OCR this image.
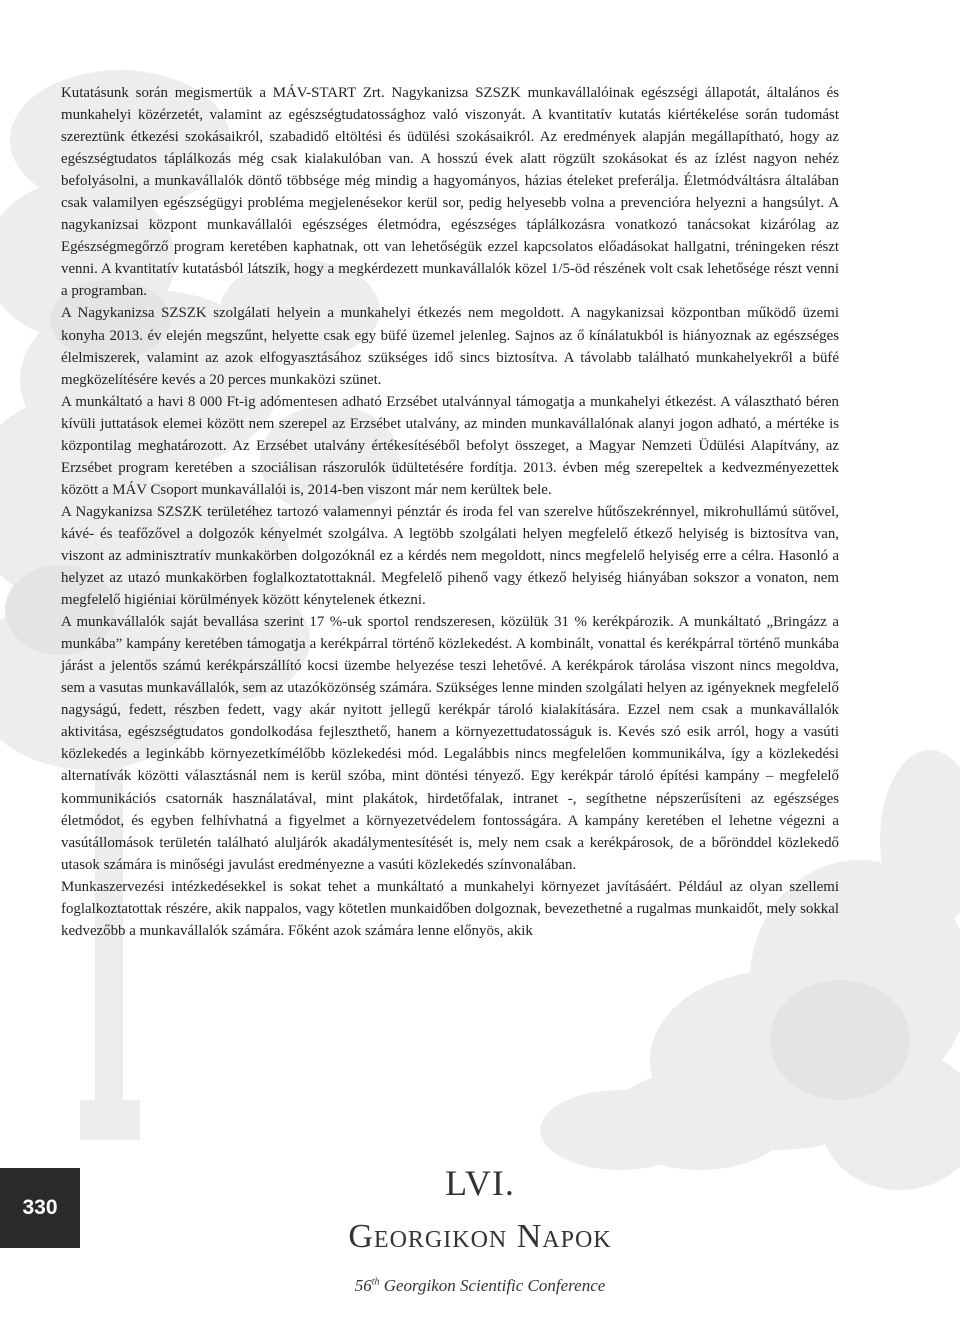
Kutatásunk során megismertük a MÁV-START Zrt. Nagykanizsa SZSZK munkavállalóinak egészségi állapotát, általános és munkahelyi közérzetét, valamint az egészségtudatossághoz való viszonyát. A kvantitatív kutatás kiértékelése során tudomást szereztünk étkezési szokásaikról, szabadidő eltöltési és üdülési szokásaikról. Az eredmények alapján megállapítható, hogy az egészségtudatos táplálkozás még csak kialakulóban van. A hosszú évek alatt rögzült szokásokat és az ízlést nagyon nehéz befolyásolni, a munkavállalók döntő többsége még mindig a hagyományos, házias ételeket preferálja. Életmódváltásra általában csak valamilyen egészségügyi probléma megjelenésekor kerül sor, pedig helyesebb volna a prevencióra helyezni a hangsúlyt. A nagykanizsai központ munkavállalói egészséges életmódra, egészséges táplálkozásra vonatkozó tanácsokat kizárólag az Egészségmegőrző program keretében kaphatnak, ott van lehetőségük ezzel kapcsolatos előadásokat hallgatni, tréningeken részt venni. A kvantitatív kutatásból látszik, hogy a megkérdezett munkavállalók közel 1/5-öd részének volt csak lehetősége részt venni a programban.

A Nagykanizsa SZSZK szolgálati helyein a munkahelyi étkezés nem megoldott. A nagykanizsai központban működő üzemi konyha 2013. év elején megszűnt, helyette csak egy büfé üzemel jelenleg. Sajnos az ő kínálatukból is hiányoznak az egészséges élelmiszerek, valamint az azok elfogyasztásához szükséges idő sincs biztosítva. A távolabb található munkahelyekről a büfé megközelítésére kevés a 20 perces munkaközi szünet.

A munkáltató a havi 8 000 Ft-ig adómentesen adható Erzsébet utalvánnyal támogatja a munkahelyi étkezést. A választható béren kívüli juttatások elemei között nem szerepel az Erzsébet utalvány, az minden munkavállalónak alanyi jogon adható, a mértéke is központilag meghatározott. Az Erzsébet utalvány értékesítéséből befolyt összeget, a Magyar Nemzeti Üdülési Alapítvány, az Erzsébet program keretében a szociálisan rászorulók üdültetésére fordítja. 2013. évben még szerepeltek a kedvezményezettek között a MÁV Csoport munkavállalói is, 2014-ben viszont már nem kerültek bele.

A Nagykanizsa SZSZK területéhez tartozó valamennyi pénztár és iroda fel van szerelve hűtőszekrénnyel, mikrohullámú sütővel, kávé- és teafőzővel a dolgozók kényelmét szolgálva. A legtöbb szolgálati helyen megfelelő étkező helyiség is biztosítva van, viszont az adminisztratív munkakörben dolgozóknál ez a kérdés nem megoldott, nincs megfelelő helyiség erre a célra. Hasonló a helyzet az utazó munkakörben foglalkoztatottaknál. Megfelelő pihenő vagy étkező helyiség hiányában sokszor a vonaton, nem megfelelő higiéniai körülmények között kénytelenek étkezni.

A munkavállalók saját bevallása szerint 17 %-uk sportol rendszeresen, közülük 31 % kerékpározik. A munkáltató „Bringázz a munkába” kampány keretében támogatja a kerékpárral történő közlekedést. A kombinált, vonattal és kerékpárral történő munkába járást a jelentős számú kerékpárszállító kocsi üzembe helyezése teszi lehetővé. A kerékpárok tárolása viszont nincs megoldva, sem a vasutas munkavállalók, sem az utazóközönség számára. Szükséges lenne minden szolgálati helyen az igényeknek megfelelő nagyságú, fedett, részben fedett, vagy akár nyitott jellegű kerékpár tároló kialakítására. Ezzel nem csak a munkavállalók aktivitása, egészségtudatos gondolkodása fejleszthető, hanem a környezettudatosságuk is. Kevés szó esik arról, hogy a vasúti közlekedés a leginkább környezetkímélőbb közlekedési mód. Legalábbis nincs megfelelően kommunikálva, így a közlekedési alternatívák közötti választásnál nem is kerül szóba, mint döntési tényező. Egy kerékpár tároló építési kampány – megfelelő kommunikációs csatornák használatával, mint plakátok, hirdetőfalak, intranet -, segíthetne népszerűsíteni az egészséges életmódot, és egyben felhívhatná a figyelmet a környezetvédelem fontosságára. A kampány keretében el lehetne végezni a vasútállomások területén található aluljárók akadálymentesítését is, mely nem csak a kerékpárosok, de a bőrönddel közlekedő utasok számára is minőségi javulást eredményezne a vasúti közlekedés színvonalában.

Munkaszervezési intézkedésekkel is sokat tehet a munkáltató a munkahelyi környezet javításáért. Például az olyan szellemi foglalkoztatottak részére, akik nappalos, vagy kötetlen munkaidőben dolgoznak, bevezethetné a rugalmas munkaidőt, mely sokkal kedvezőbb a munkavállalók számára. Főként azok számára lenne előnyös, akik

330
LVI.
Georgikon Napok
56th Georgikon Scientific Conference
